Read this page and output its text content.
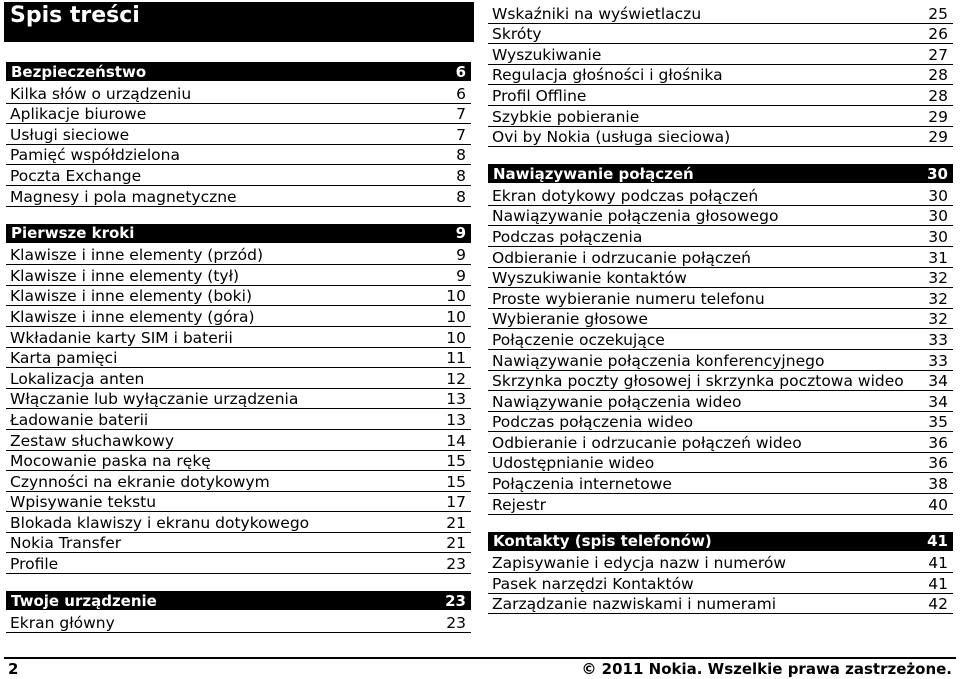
Spis treści
Bezpieczeństwo	6
Kilka słów o urządzeniu	6
Aplikacje biurowe	7
Usługi sieciowe	7
Pamięć współdzielona	8
Poczta Exchange	8
Magnesy i pola magnetyczne	8
Pierwsze kroki	9
Klawisze i inne elementy (przód)	9
Klawisze i inne elementy (tył)	9
Klawisze i inne elementy (boki)	10
Klawisze i inne elementy (góra)	10
Wkładanie karty SIM i baterii	10
Karta pamięci	11
Lokalizacja anten	12
Włączanie lub wyłączanie urządzenia	13
Ładowanie baterii	13
Zestaw słuchawkowy	14
Mocowanie paska na rękę	15
Czynności na ekranie dotykowym	15
Wpisywanie tekstu	17
Blokada klawiszy i ekranu dotykowego	21
Nokia Transfer	21
Profile	23
Twoje urządzenie	23
Ekran główny	23
Wskaźniki na wyświetlaczu	25
Skróty	26
Wyszukiwanie	27
Regulacja głośności i głośnika	28
Profil Offline	28
Szybkie pobieranie	29
Ovi by Nokia (usługa sieciowa)	29
Nawiązywanie połączeń	30
Ekran dotykowy podczas połączeń	30
Nawiązywanie połączenia głosowego	30
Podczas połączenia	30
Odbieranie i odrzucanie połączeń	31
Wyszukiwanie kontaktów	32
Proste wybieranie numeru telefonu	32
Wybieranie głosowe	32
Połączenie oczekujące	33
Nawiązywanie połączenia konferencyjnego	33
Skrzynka poczty głosowej i skrzynka pocztowa wideo 34
Nawiązywanie połączenia wideo	34
Podczas połączenia wideo	35
Odbieranie i odrzucanie połączeń wideo	36
Udostępnianie wideo	36
Połączenia internetowe	38
Rejestr	40
Kontakty (spis telefonów)	41
Zapisywanie i edycja nazw i numerów	41
Pasek narzędzi Kontaktów	41
Zarządzanie nazwiskami i numerami	42
2	© 2011 Nokia. Wszelkie prawa zastrzeżone.
